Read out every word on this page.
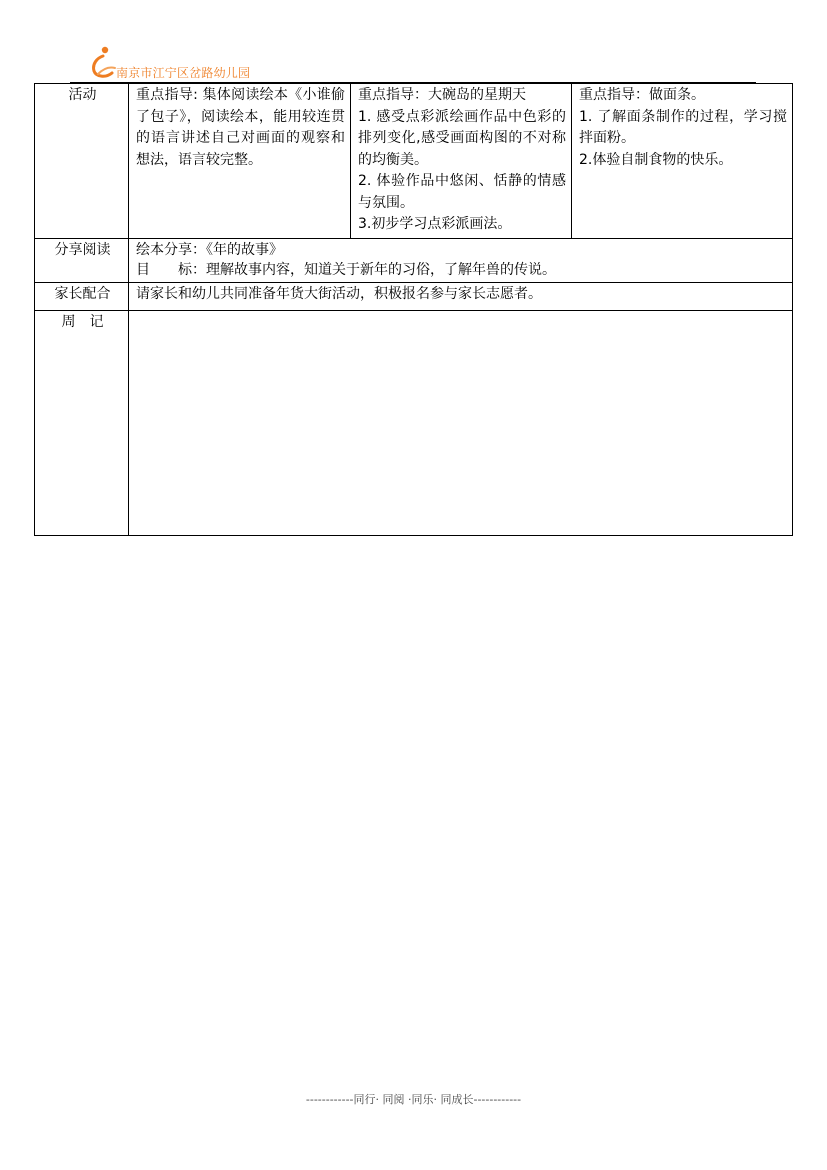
南京市江宁区岔路幼儿园
活动	重点指导: 集体阅读绘本《小谁偷了包子》，阅读绘本，能用较连贯的语言讲述自己对画面的观察和想法，语言较完整。	重点指导：大碗岛的星期天
1. 感受点彩派绘画作品中色彩的排列变化,感受画面构图的不对称的均衡美。
2. 体验作品中悠闲、恬静的情感与氛围。
3.初步学习点彩派画法。	重点指导：做面条。
1. 了解面条制作的过程，学习搅拌面粉。
2.体验自制食物的快乐。

分享阅读	绘本分享：《年的故事》
目　　标：理解故事内容，知道关于新年的习俗，了解年兽的传说。		

家长配合	请家长和幼儿共同准备年货大街活动，积极报名参与家长志愿者。		
周　记			
------------同行· 同阅 ·同乐· 同成长------------
